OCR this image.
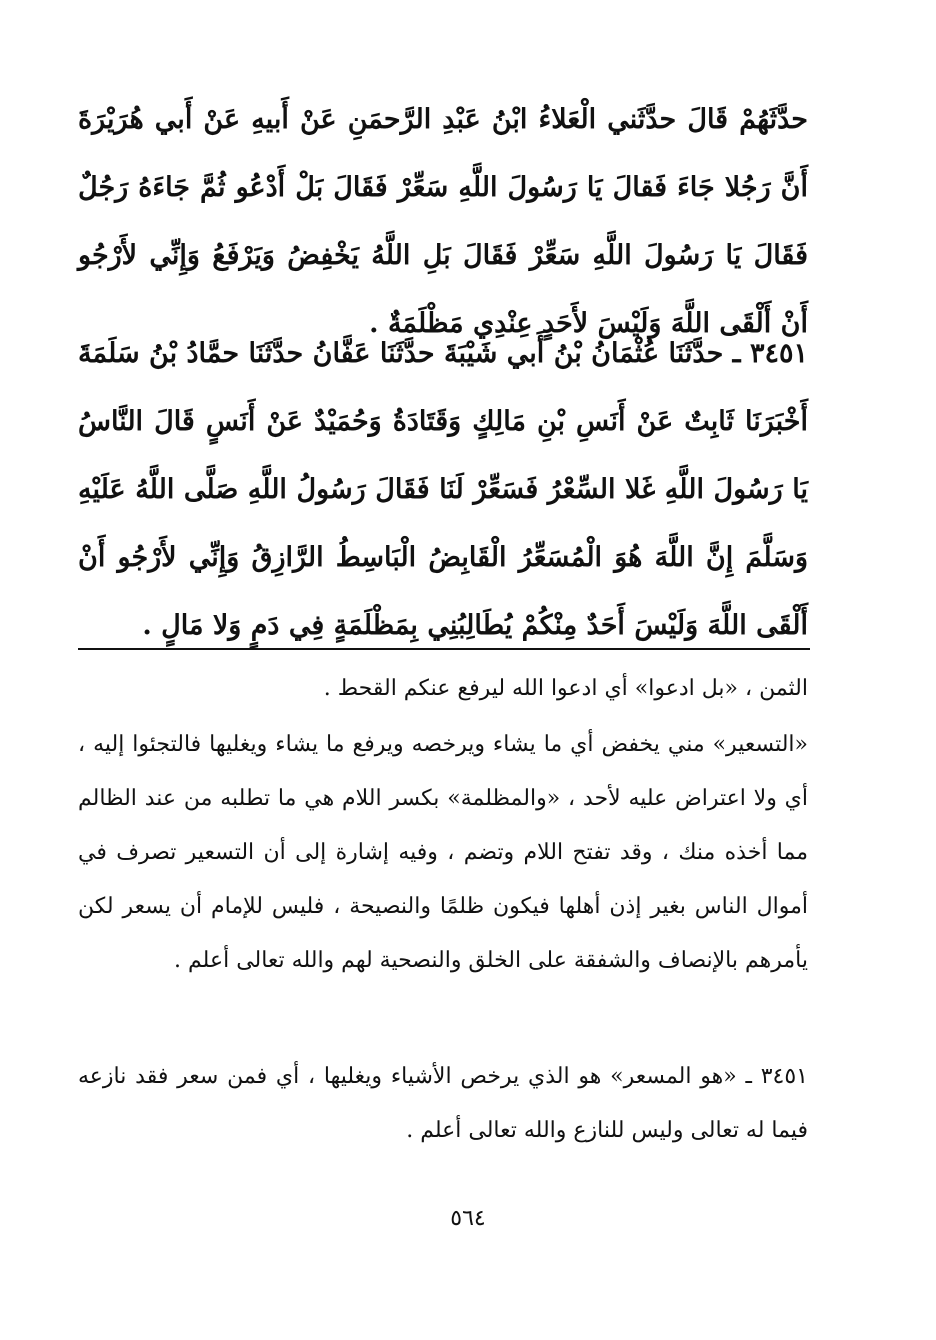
حدَّثَهُمْ قَالَ حدَّثَني الْعَلاءُ ابْنُ عَبْدِ الرَّحمَنِ عَنْ أَبيهِ عَنْ أَبي هُرَيْرَةَ أَنَّ رَجُلا جَاءَ فَقالَ يَا رَسُولَ اللَّهِ سَعِّرْ فَقَالَ بَلْ أَدْعُو ثُمَّ جَاءَهُ رَجُلٌ فَقَالَ يَا رَسُولَ اللَّهِ سَعِّرْ فَقَالَ بَلِ اللَّهُ يَخْفِضُ وَيَرْفَعُ وَإِنِّي لأَرْجُو أَنْ أَلْقَى اللَّهَ وَلَيْسَ لأَحَدٍ عِنْدِي مَظْلَمَةٌ .
٣٤٥١ ـ حدَّثَنَا عُثْمَانُ بْنُ أَبي شَيْبَةَ حدَّثَنَا عَفَّانُ حدَّثَنَا حمَّادُ بْنُ سَلَمَةَ أَخْبَرَنَا ثَابِتٌ عَنْ أَنَسِ بْنِ مَالِكٍ وَقَتَادَةُ وَحُمَيْدٌ عَنْ أَنَسٍ قَالَ النَّاسُ يَا رَسُولَ اللَّهِ غَلا السِّعْرُ فَسَعِّرْ لَنَا فَقَالَ رَسُولُ اللَّهِ صَلَّى اللَّهُ عَلَيْهِ وَسَلَّمَ إِنَّ اللَّهَ هُوَ الْمُسَعِّرُ الْقَابِضُ الْبَاسِطُ الرَّازِقُ وَإِنِّي لأَرْجُو أَنْ أَلْقَى اللَّهَ وَلَيْسَ أَحَدٌ مِنْكُمْ يُطَالِبُنِي بِمَظْلَمَةٍ فِي دَمٍ وَلا مَالٍ .
الثمن ، «بل ادعوا» أي ادعوا الله ليرفع عنكم القحط .
«التسعير» مني يخفض أي ما يشاء ويرخصه ويرفع ما يشاء ويغليها فالتجئوا إليه ، أي ولا اعتراض عليه لأحد ، «والمظلمة» بكسر اللام هي ما تطلبه من عند الظالم مما أخذه منك ، وقد تفتح اللام وتضم ، وفيه إشارة إلى أن التسعير تصرف في أموال الناس بغير إذن أهلها فيكون ظلمًا والنصيحة ، فليس للإمام أن يسعر لكن يأمرهم بالإنصاف والشفقة على الخلق والنصحية لهم والله تعالى أعلم .
٣٤٥١ ـ «هو المسعر» هو الذي يرخص الأشياء ويغليها ، أي فمن سعر فقد نازعه فيما له تعالى وليس للنازع والله تعالى أعلم .
٥٦٤
